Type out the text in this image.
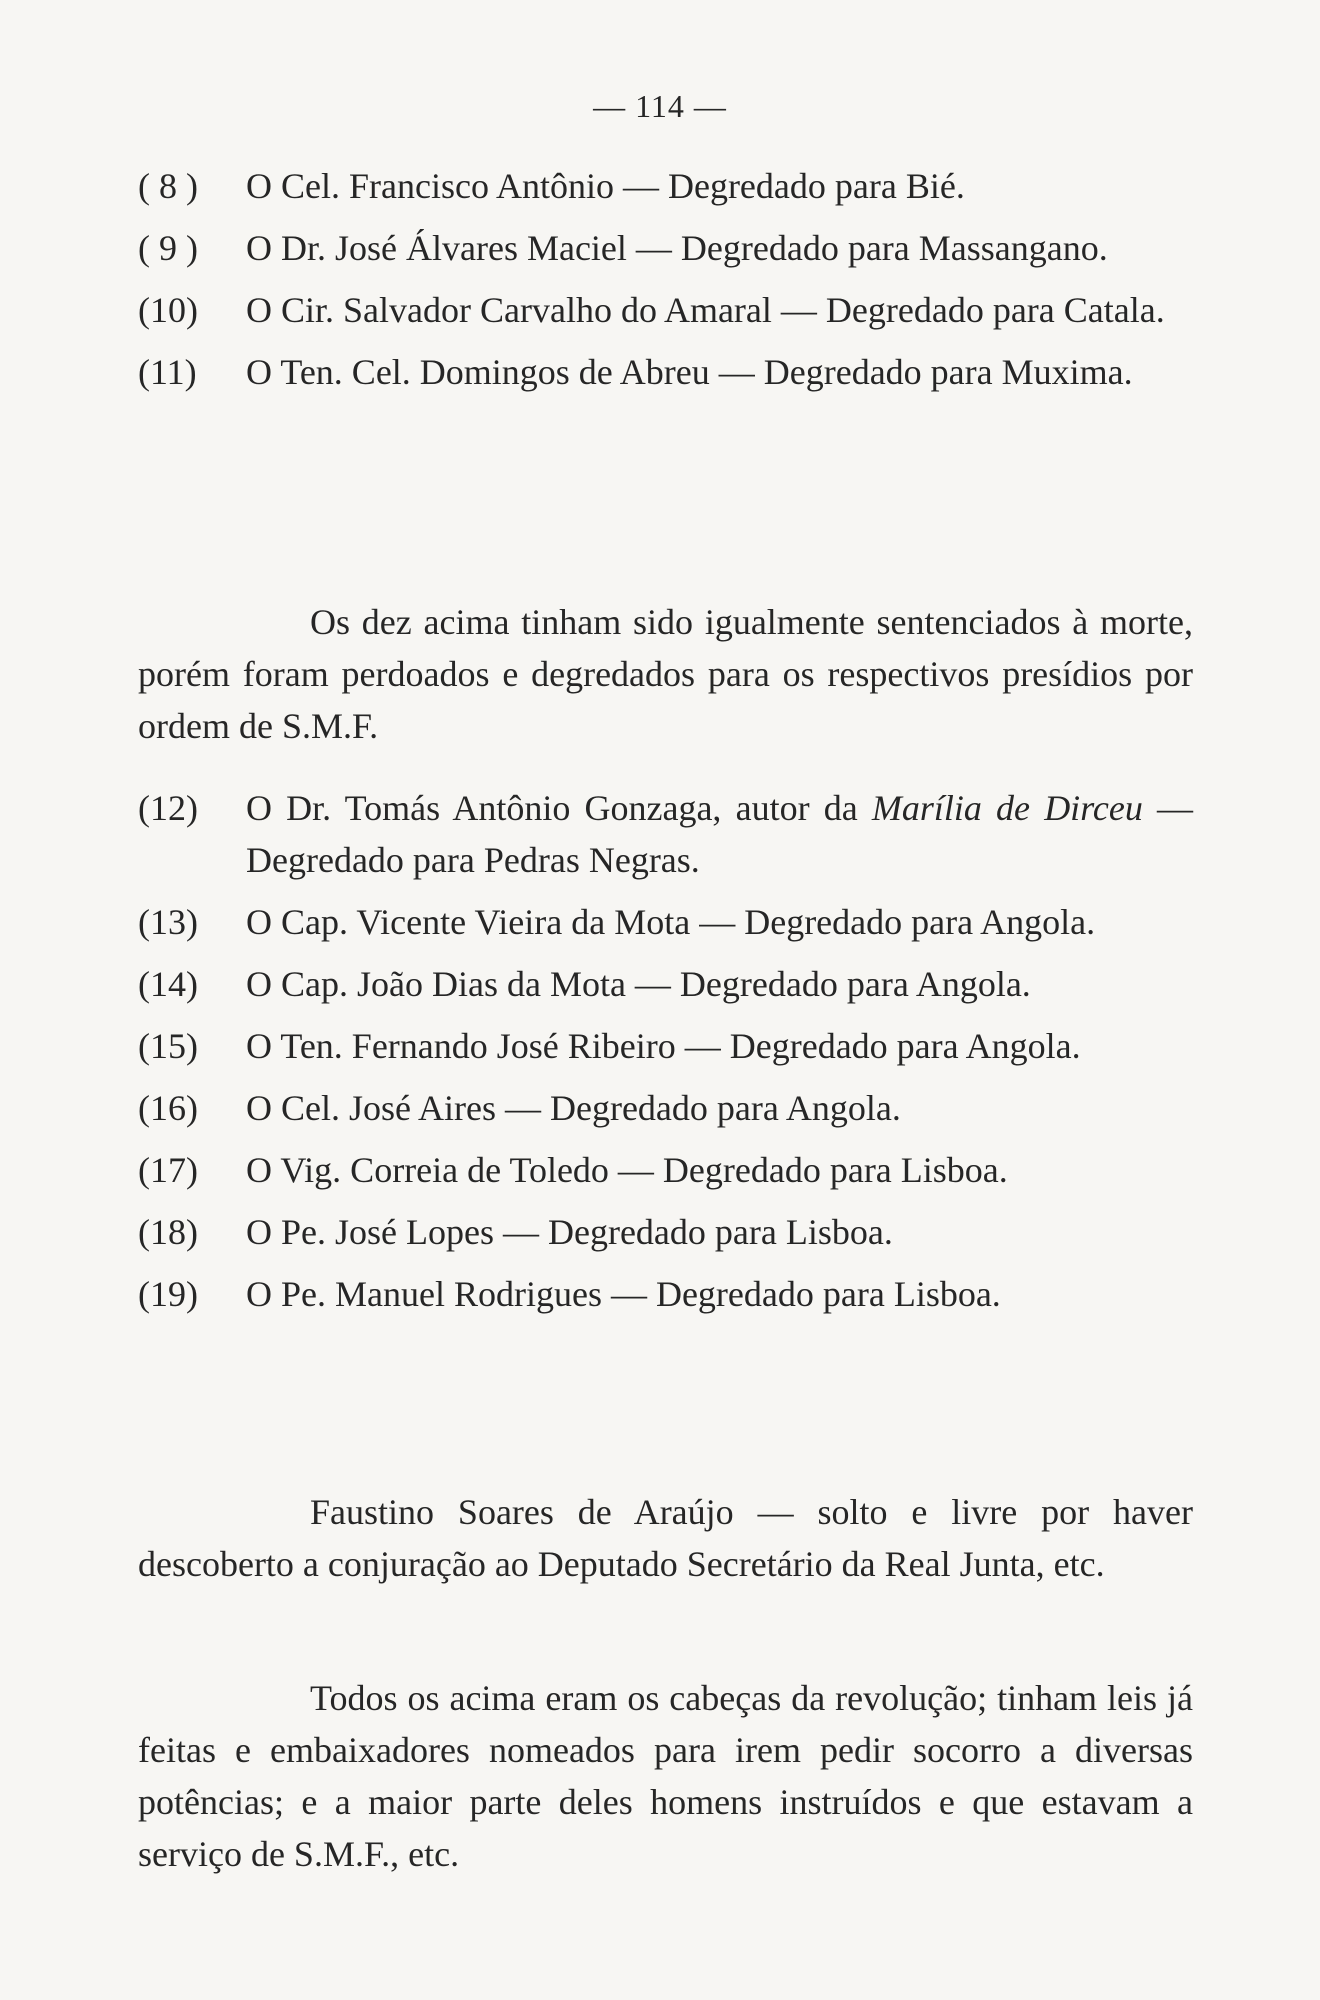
— 114 —
( 8 ) O Cel. Francisco Antônio — Degredado para Bié.
( 9 ) O Dr. José Álvares Maciel — Degredado para Massangano.
(10) O Cir. Salvador Carvalho do Amaral — Degredado para Catala.
(11) O Ten. Cel. Domingos de Abreu — Degredado para Muxima.

Os dez acima tinham sido igualmente sentenciados à morte, porém foram perdoados e degredados para os respectivos presídios por ordem de S.M.F.

(12) O Dr. Tomás Antônio Gonzaga, autor da Marília de Dirceu — Degredado para Pedras Negras.
(13) O Cap. Vicente Vieira da Mota — Degredado para Angola.
(14) O Cap. João Dias da Mota — Degredado para Angola.
(15) O Ten. Fernando José Ribeiro — Degredado para Angola.
(16) O Cel. José Aires — Degredado para Angola.
(17) O Vig. Correia de Toledo — Degredado para Lisboa.
(18) O Pe. José Lopes — Degredado para Lisboa.
(19) O Pe. Manuel Rodrigues — Degredado para Lisboa.

Faustino Soares de Araújo — solto e livre por haver descoberto a conjuração ao Deputado Secretário da Real Junta, etc.

Todos os acima eram os cabeças da revolução; tinham leis já feitas e embaixadores nomeados para irem pedir socorro a diversas potências; e a maior parte deles homens instruídos e que estavam a serviço de S.M.F., etc.
